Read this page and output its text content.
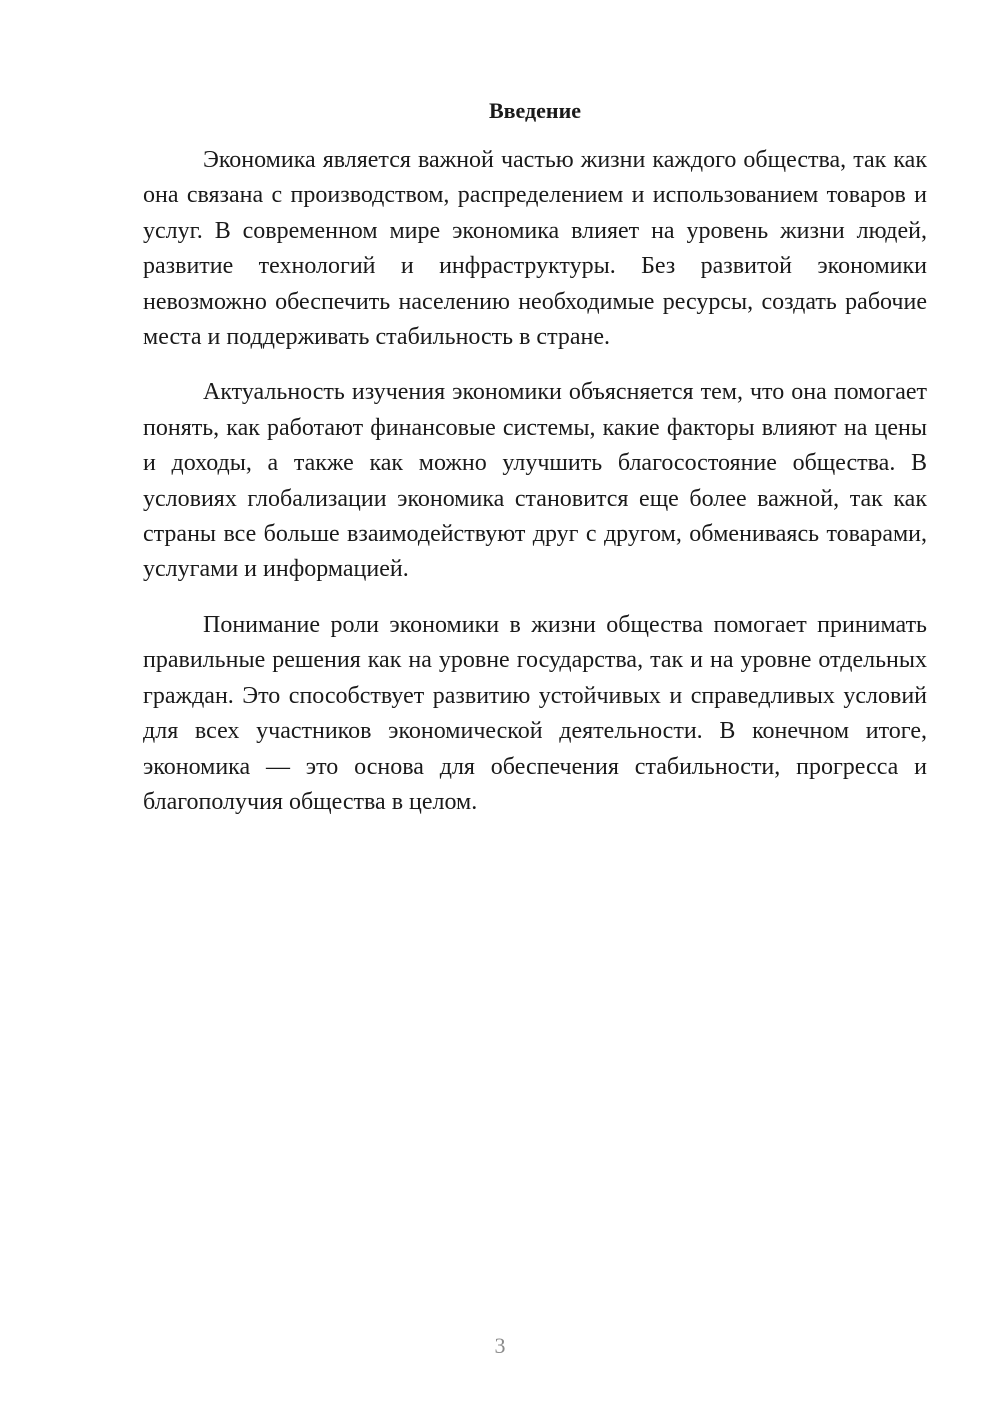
Введение

Экономика является важной частью жизни каждого общества, так как она связана с производством, распределением и использованием товаров и услуг. В современном мире экономика влияет на уровень жизни людей, развитие технологий и инфраструктуры. Без развитой экономики невозможно обеспечить населению необходимые ресурсы, создать рабочие места и поддерживать стабильность в стране.

Актуальность изучения экономики объясняется тем, что она помогает понять, как работают финансовые системы, какие факторы влияют на цены и доходы, а также как можно улучшить благосостояние общества. В условиях глобализации экономика становится еще более важной, так как страны все больше взаимодействуют друг с другом, обмениваясь товарами, услугами и информацией.

Понимание роли экономики в жизни общества помогает принимать правильные решения как на уровне государства, так и на уровне отдельных граждан. Это способствует развитию устойчивых и справедливых условий для всех участников экономической деятельности. В конечном итоге, экономика — это основа для обеспечения стабильности, прогресса и благополучия общества в целом.

3
